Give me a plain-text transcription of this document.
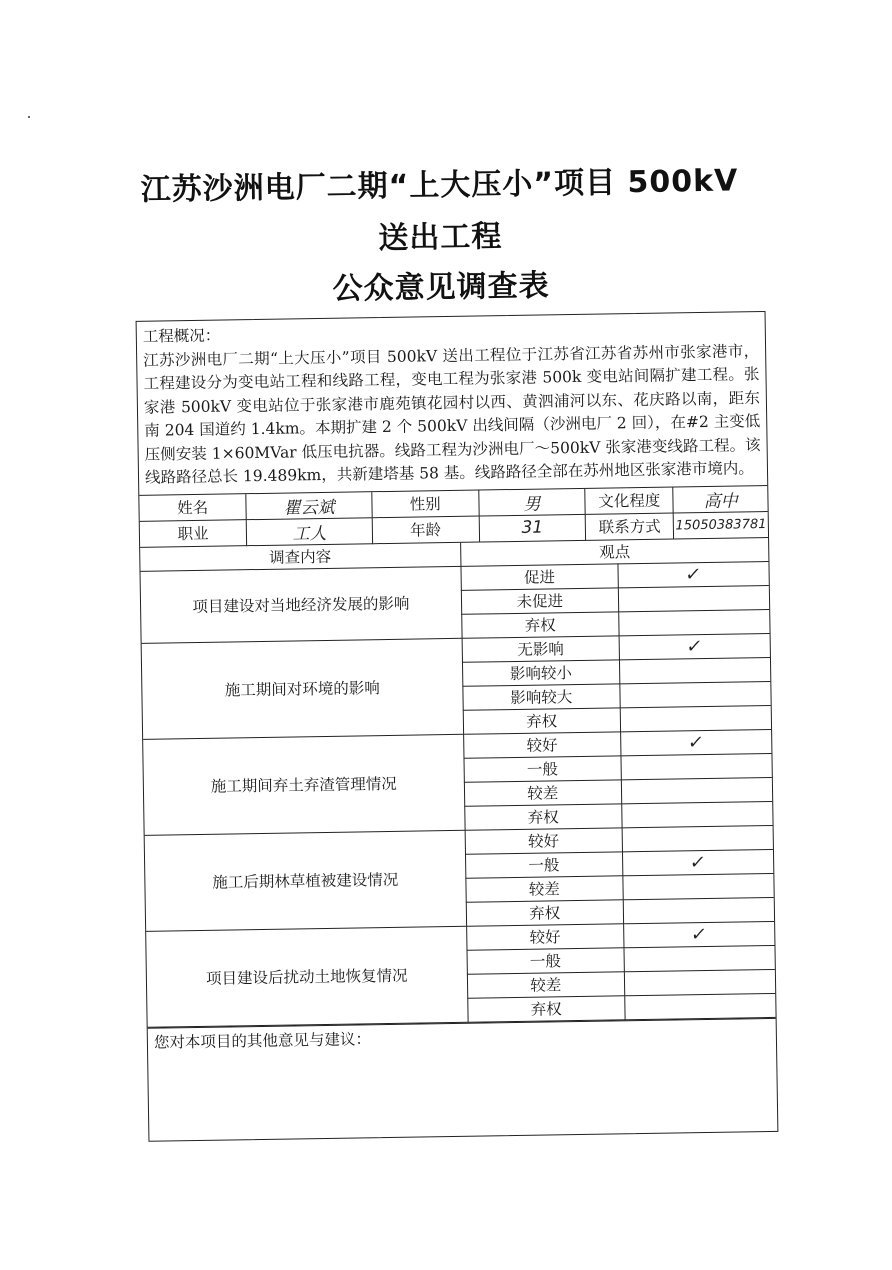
江苏沙洲电厂二期“上大压小”项目 500kV
送出工程
公众意见调查表
工程概况：
江苏沙洲电厂二期“上大压小”项目 500kV 送出工程位于江苏省江苏省苏州市张家港市，工程建设分为变电站工程和线路工程，变电工程为张家港 500k 变电站间隔扩建工程。张家港 500kV 变电站位于张家港市鹿苑镇花园村以西、黄泗浦河以东、花庆路以南，距东南 204 国道约 1.4km。本期扩建 2 个 500kV 出线间隔（沙洲电厂 2 回），在#2 主变低压侧安装 1×60MVar 低压电抗器。线路工程为沙洲电厂～500kV 张家港变线路工程。该线路路径总长 19.489km，共新建塔基 58 基。线路路径全部在苏州地区张家港市境内。
姓名	瞿云斌	性别	男	文化程度	高中
职业	工人	年龄	31	联系方式	15050383781
调查内容	观点	
项目建设对当地经济发展的影响	促进	✓
	未促进	
	弃权	
施工期间对环境的影响	无影响	✓
	影响较小	
	影响较大	
	弃权	
施工期间弃土弃渣管理情况	较好	✓
	一般	
	较差	
	弃权	
施工后期林草植被建设情况	较好	
	一般	✓
	较差	
	弃权	
项目建设后扰动土地恢复情况	较好	✓
	一般	
	较差	
	弃权	
您对本项目的其他意见与建议：
